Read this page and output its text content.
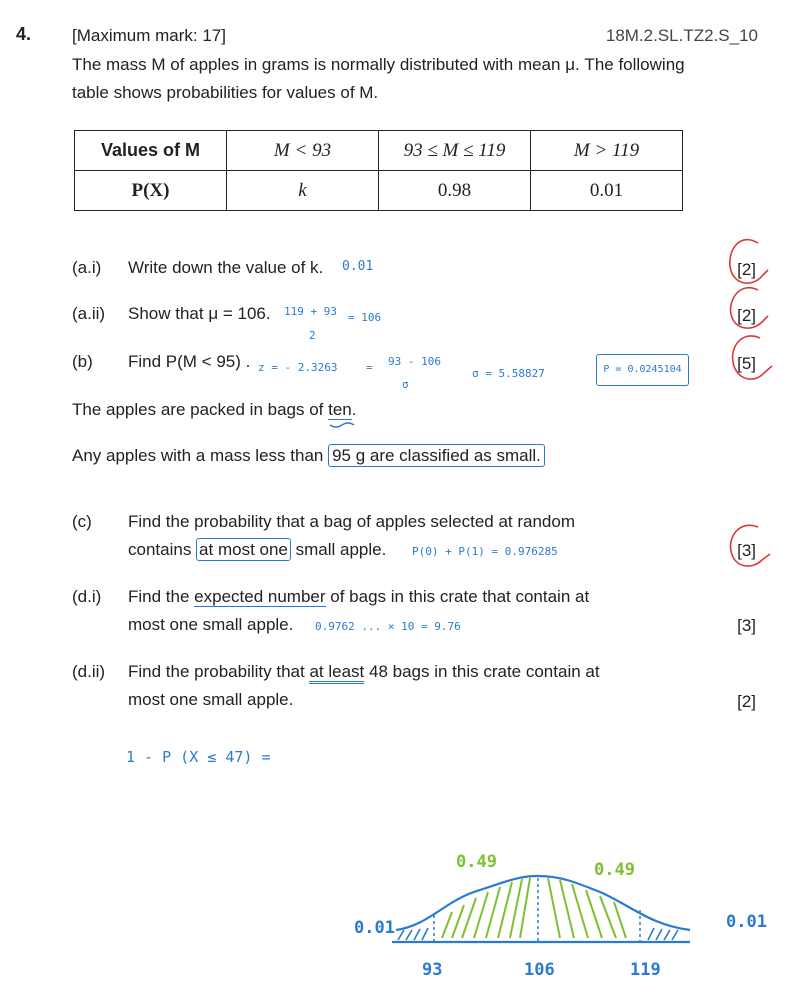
4. [Maximum mark: 17]	18M.2.SL.TZ2.S_10
The mass M of apples in grams is normally distributed with mean μ. The following
table shows probabilities for values of M.
Values of M	M < 93	93 ≤ M ≤ 119	M > 119
P(X)	k	0.98	0.01
(a.i) Write down the value of k. 0.01	[2]
(a.ii) Show that μ = 106. 119 + 93
2
= 106	[2]
(b) Find P(M < 95) . z = - 2.3263	= 93 - 106
σ
σ = 5.58827	P = 0.0245104	[5]
The apples are packed in bags of ten.
Any apples with a mass less than 95 g are classified as small.
(c) Find the probability that a bag of apples selected at random
contains at most one small apple. P(0) + P(1) = 0.976285	[3]
(d.i) Find the expected number of bags in this crate that contain at
most one small apple. 0.9762 ... × 10 = 9.76	[3]
(d.ii) Find the probability that at least 48 bags in this crate contain at
most one small apple.	[2]
1 - P (X ≤ 47) =
0.49	0.49
0.01	0.01
93	106	119
